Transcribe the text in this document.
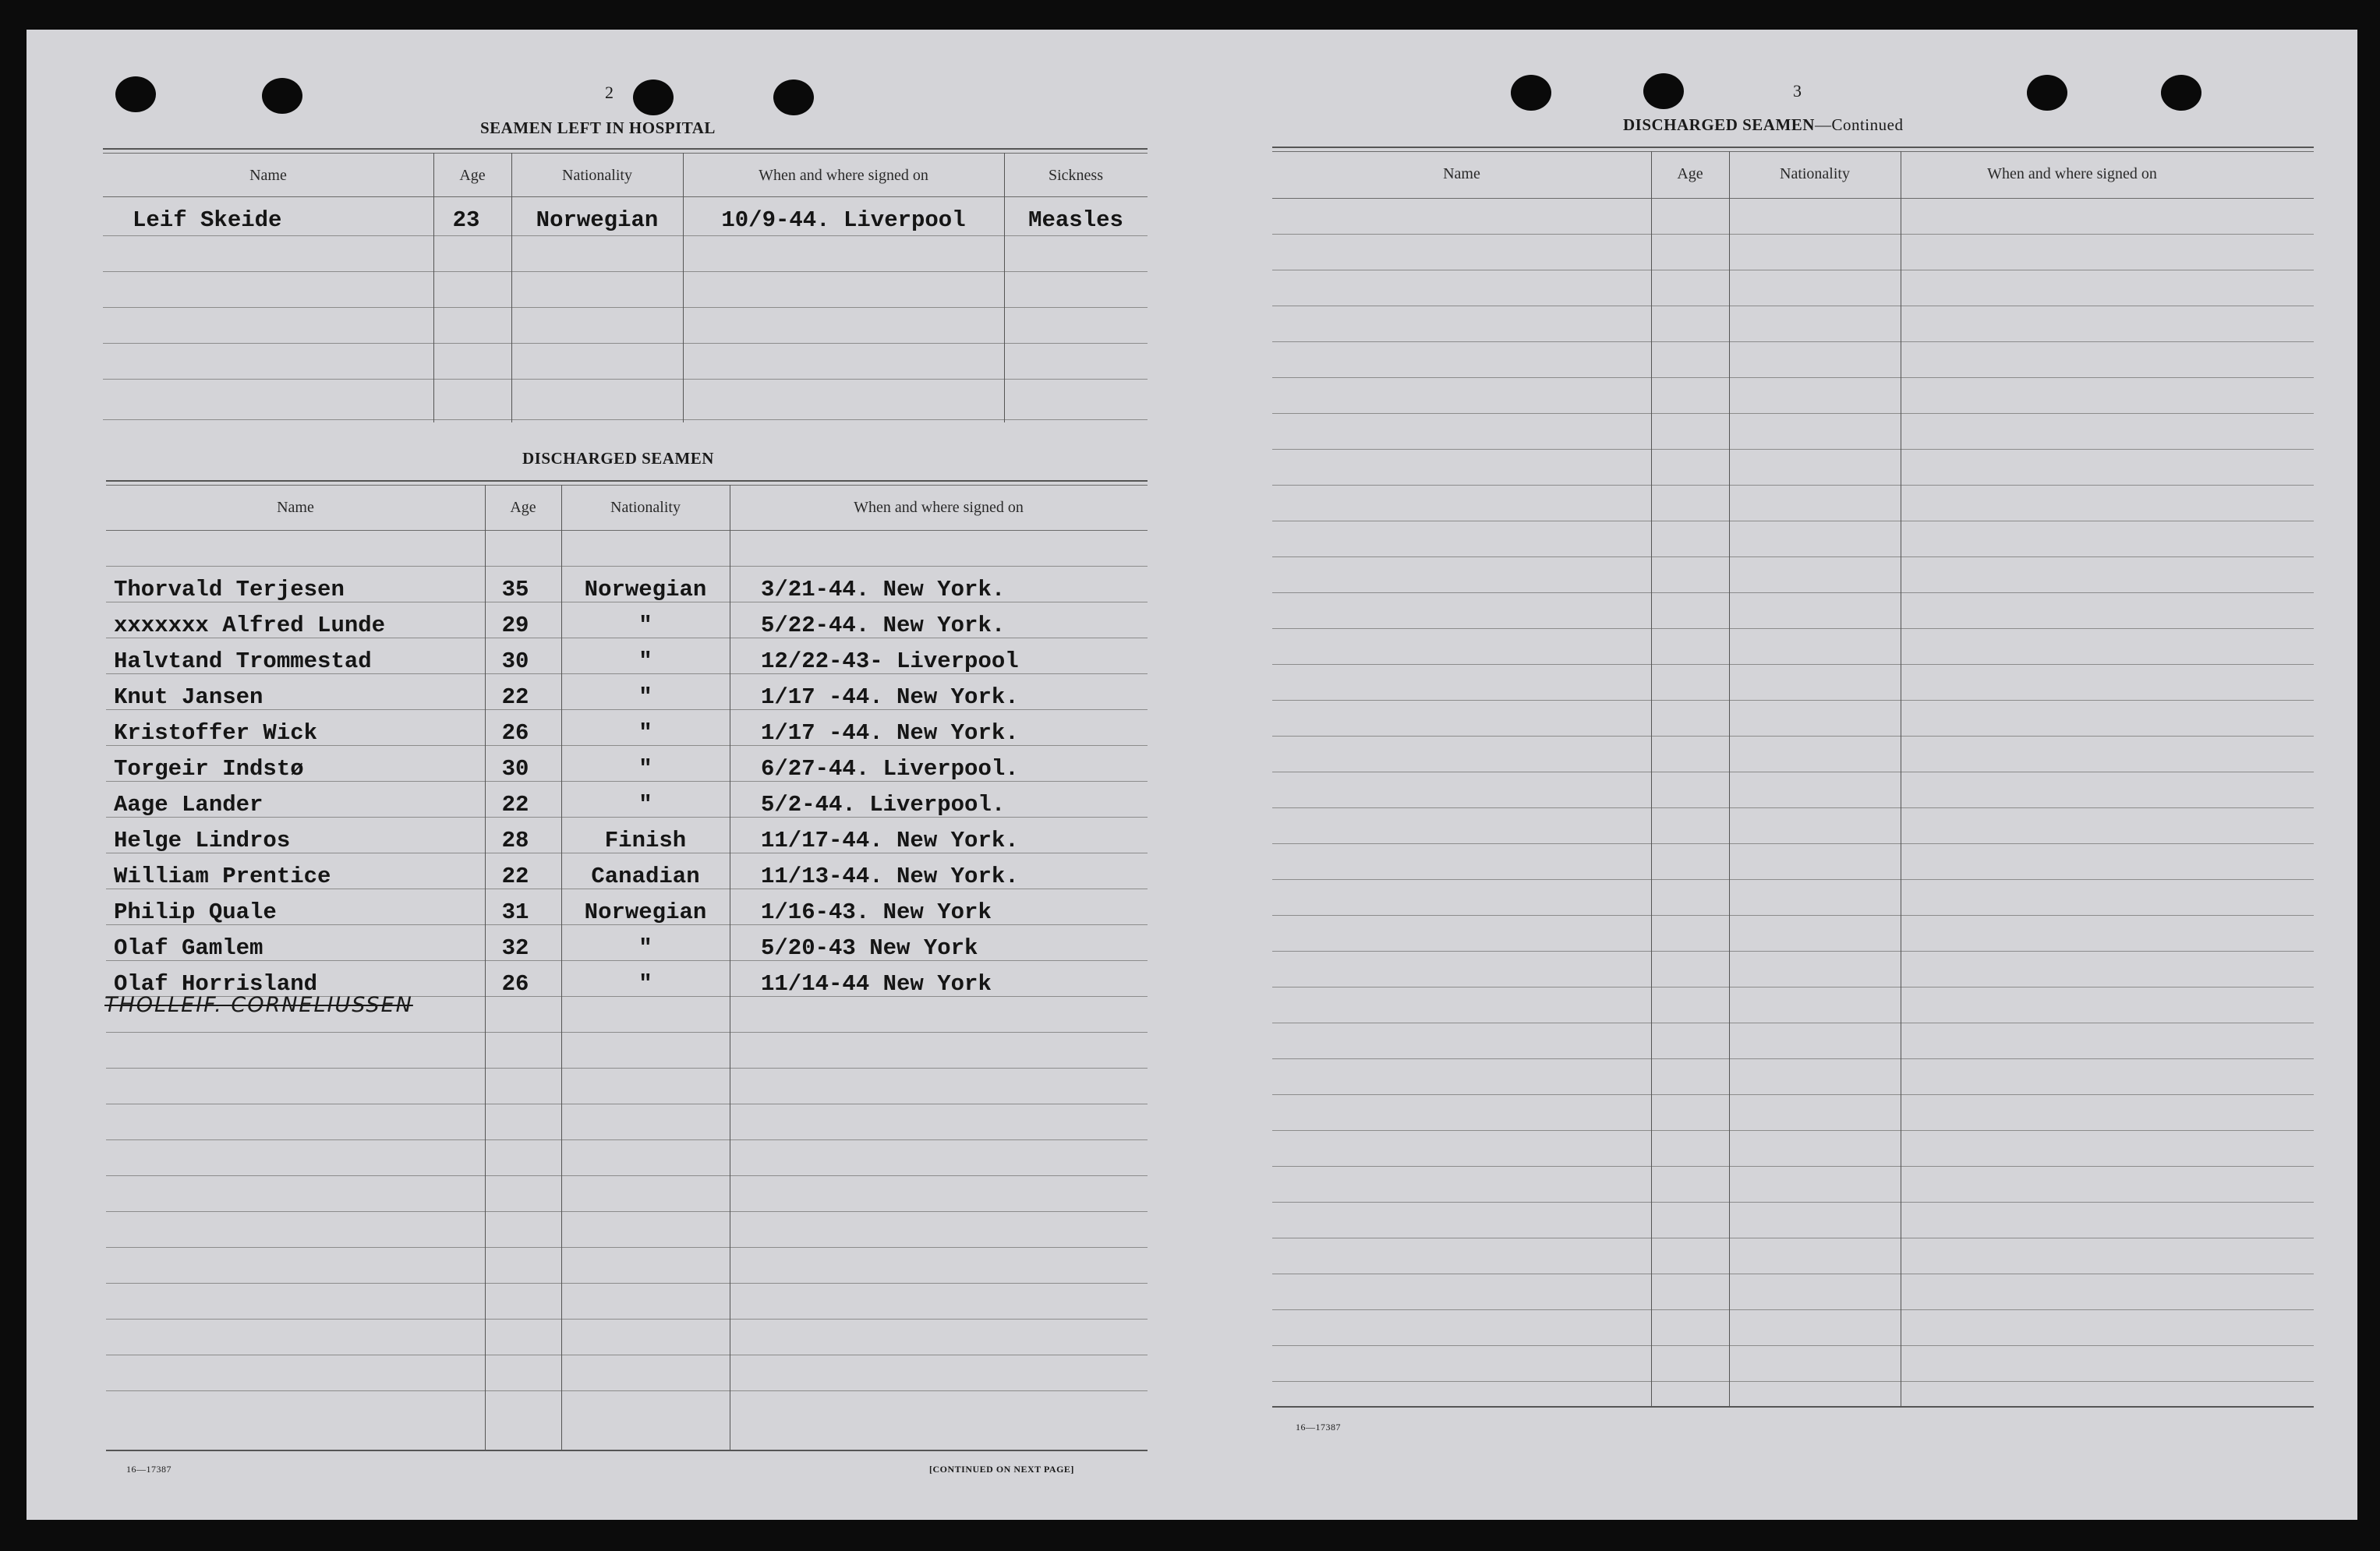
2
SEAMEN LEFT IN HOSPITAL
Name	Age	Nationality	When and where signed on	Sickness
Leif Skeide	23	Norwegian	10/9-44. Liverpool	Measles
DISCHARGED SEAMEN
Name	Age	Nationality	When and where signed on
Thorvald Terjesen	35	Norwegian	3/21-44. New York.
xxxxxxx Alfred Lunde	29	"	5/22-44. New York.
Halvtand Trommestad	30	"	12/22-43- Liverpool
Knut Jansen	22	"	1/17 -44. New York.
Kristoffer Wick	26	"	1/17 -44. New York.
Torgeir Indstø	30	"	6/27-44. Liverpool.
Aage Lander	22	"	5/2-44. Liverpool.
Helge Lindros	28	Finish	11/17-44. New York.
William Prentice	22	Canadian	11/13-44. New York.
Philip Quale	31	Norwegian	1/16-43. New York
Olaf Gamlem	32	"	5/20-43 New York
Olaf Horrisland	26	"	11/14-44 New York
THOLLEIF. CORNELIUSSEN
16—17387	[CONTINUED ON NEXT PAGE]
3
DISCHARGED SEAMEN—Continued
Name	Age	Nationality	When and where signed on
16—17387
